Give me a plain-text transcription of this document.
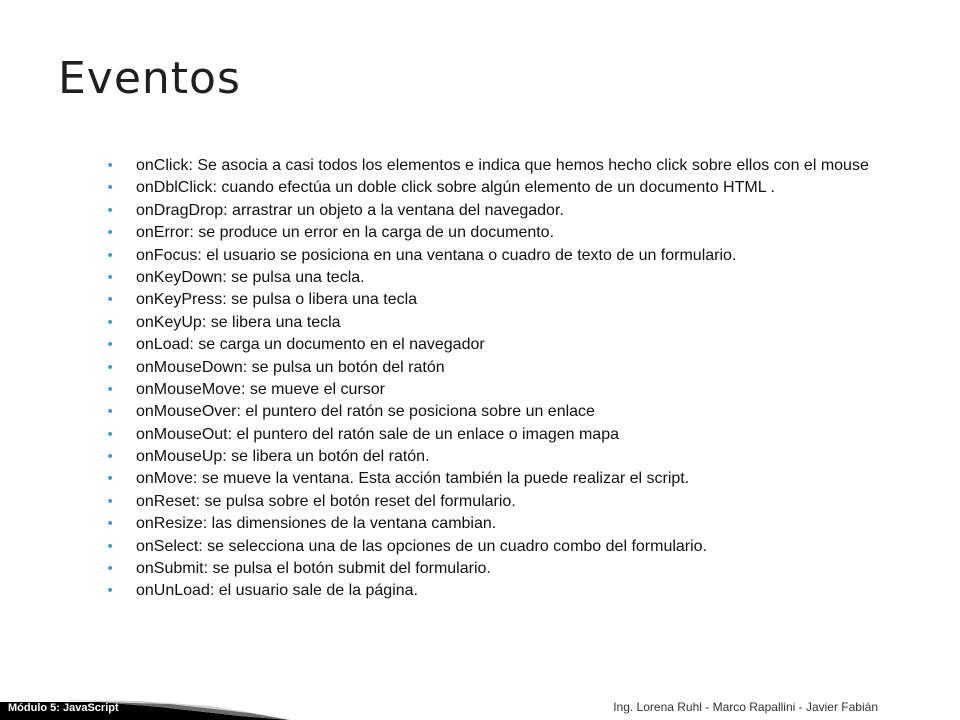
Eventos
• onClick: Se asocia a casi todos los elementos e indica que hemos hecho click sobre ellos con el mouse
• onDblClick: cuando efectúa un doble click sobre algún elemento de un documento HTML .
• onDragDrop: arrastrar un objeto a la ventana del navegador.
• onError: se produce un error en la carga de un documento.
• onFocus: el usuario se posiciona en una ventana o cuadro de texto de un formulario.
• onKeyDown: se pulsa una tecla.
• onKeyPress: se pulsa o libera una tecla
• onKeyUp: se libera una tecla
• onLoad: se carga un documento en el navegador
• onMouseDown: se pulsa un botón del ratón
• onMouseMove: se mueve el cursor
• onMouseOver: el puntero del ratón se posiciona sobre un enlace
• onMouseOut: el puntero del ratón sale de un enlace o imagen mapa
• onMouseUp: se libera un botón del ratón.
• onMove: se mueve la ventana. Esta acción también la puede realizar el script.
• onReset: se pulsa sobre el botón reset del formulario.
• onResize: las dimensiones de la ventana cambian.
• onSelect: se selecciona una de las opciones de un cuadro combo del formulario.
• onSubmit: se pulsa el botón submit del formulario.
• onUnLoad: el usuario sale de la página.

Módulo 5: JavaScript	Ing. Lorena Ruhl - Marco Rapallini - Javier Fabián
